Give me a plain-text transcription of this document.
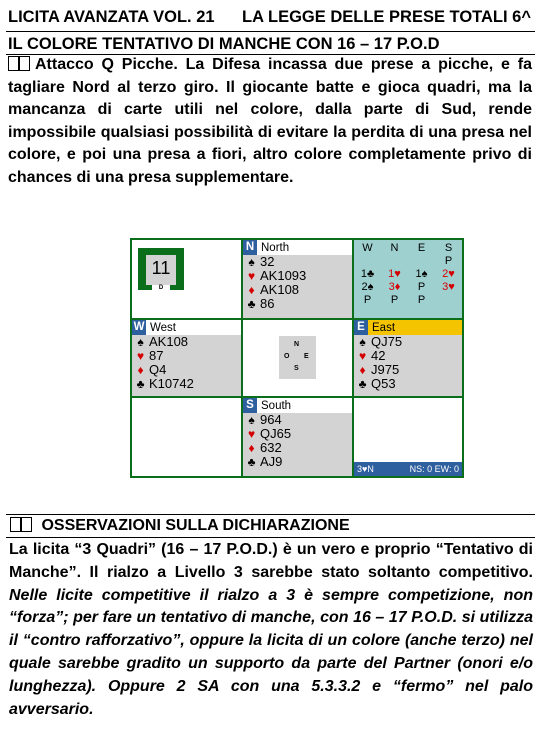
LICITA AVANZATA VOL. 21 LA LEGGE DELLE PRESE TOTALI 6^
IL COLORE TENTATIVO DI MANCHE CON 16 – 17 P.O.D
Attacco Q Picche. La Difesa incassa due prese a picche, e fa tagliare Nord al terzo giro. Il giocante batte e gioca quadri, ma la mancanza di carte utili nel colore, dalla parte di Sud, rende impossibile qualsiasi possibilità di evitare la perdita di una presa nel colore, e poi una presa a fiori, altro colore completamente privo di chances di una presa supplementare.
11
D
N North
♠ 32
♥ AK1093
♦ AK108
♣ 86
W	N	E	S
			P
1♣	1♥	1♠	2♥
2♠	3♦	P	3♥
P	P	P	
W West
♠ AK108
♥ 87
♦ Q4
♣ K10742
N
O E
S
E East
♠ QJ75
♥ 42
♦ J975
♣ Q53
S South
♠ 964
♥ QJ65
♦ 632
♣ AJ9	3♥N	NS: 0 EW: 0
OSSERVAZIONI SULLA DICHIARAZIONE
La licita “3 Quadri” (16 – 17 P.O.D.) è un vero e proprio “Tentativo di Manche”. Il rialzo a Livello 3 sarebbe stato soltanto competitivo. Nelle licite competitive il rialzo a 3 è sempre competizione, non “forza”; per fare un tentativo di manche, con 16 – 17 P.O.D. si utilizza il “contro rafforzativo”, oppure la licita di un colore (anche terzo) nel quale sarebbe gradito un supporto da parte del Partner (onori e/o lunghezza). Oppure 2 SA con una 5.3.3.2 e “fermo” nel palo avversario.
